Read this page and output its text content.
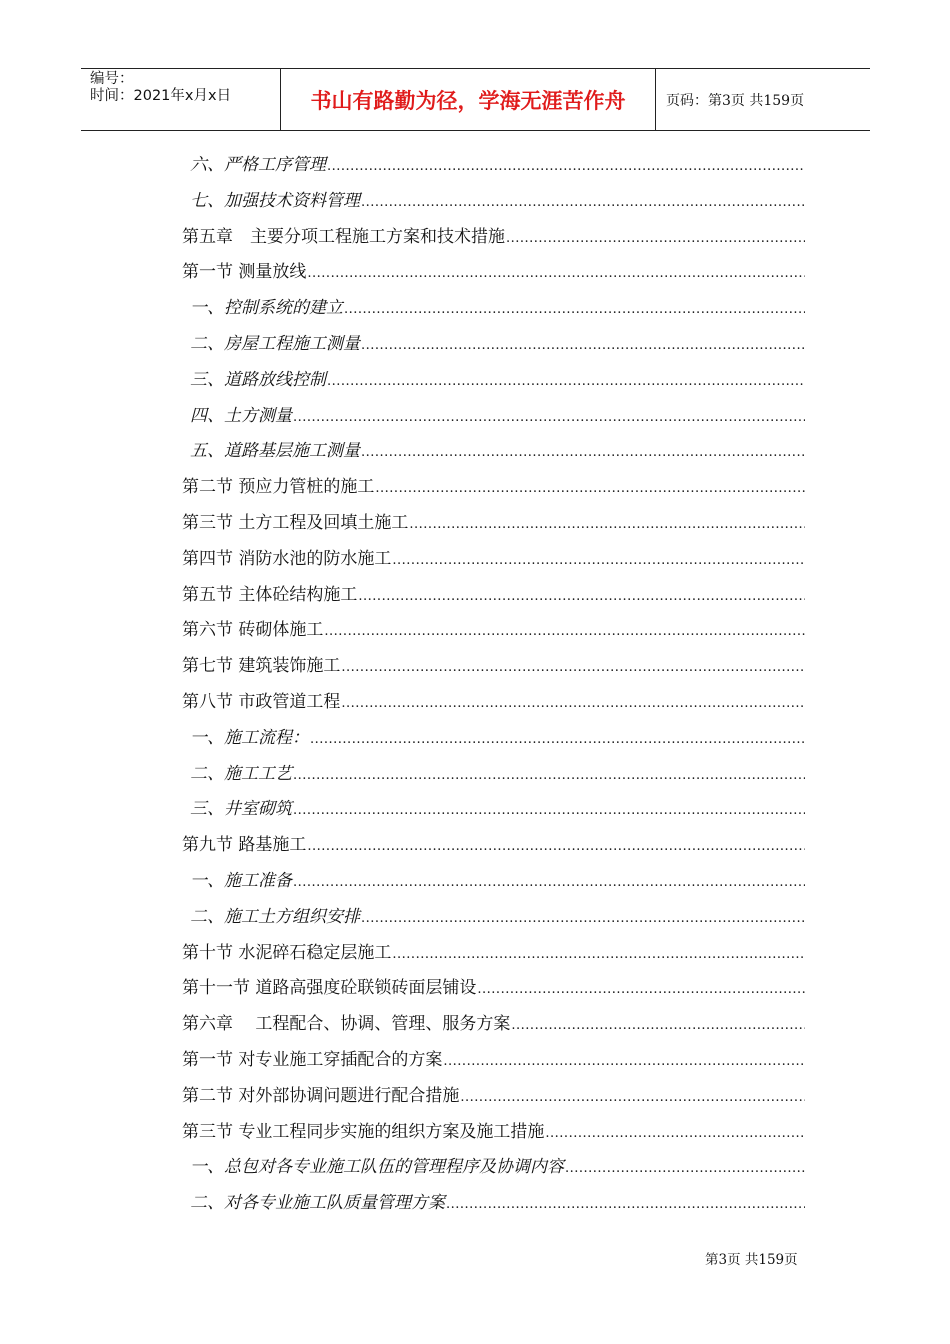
编号：
时间：2021年x月x日	书山有路勤为径，学海无涯苦作舟	页码：第3页 共159页
六、严格工序管理
.....
七、加强技术资料管理
.....
第五章　主要分项工程施工方案和技术措施
.....
第一节 测量放线
.....
一、控制系统的建立
.....
二、房屋工程施工测量
.....
三、道路放线控制
.....
四、土方测量
.....
五、道路基层施工测量
.....
第二节 预应力管桩的施工
.....
第三节 土方工程及回填土施工
.....
第四节 消防水池的防水施工
.....
第五节 主体砼结构施工
.....
第六节 砖砌体施工
.....
第七节 建筑装饰施工
.....
第八节 市政管道工程
.....
一、施工流程：
.....
二、施工工艺
.....
三、井室砌筑
.....
第九节 路基施工
.....
一、施工准备
.....
二、施工土方组织安排
.....
第十节 水泥碎石稳定层施工
.....
第十一节 道路高强度砼联锁砖面层铺设
.....
第六章　 工程配合、协调、管理、服务方案
.....
第一节 对专业施工穿插配合的方案
.....
第二节 对外部协调问题进行配合措施
.....
第三节 专业工程同步实施的组织方案及施工措施
.....
一、总包对各专业施工队伍的管理程序及协调内容
.....
二、对各专业施工队质量管理方案
.....
第3页 共159页
